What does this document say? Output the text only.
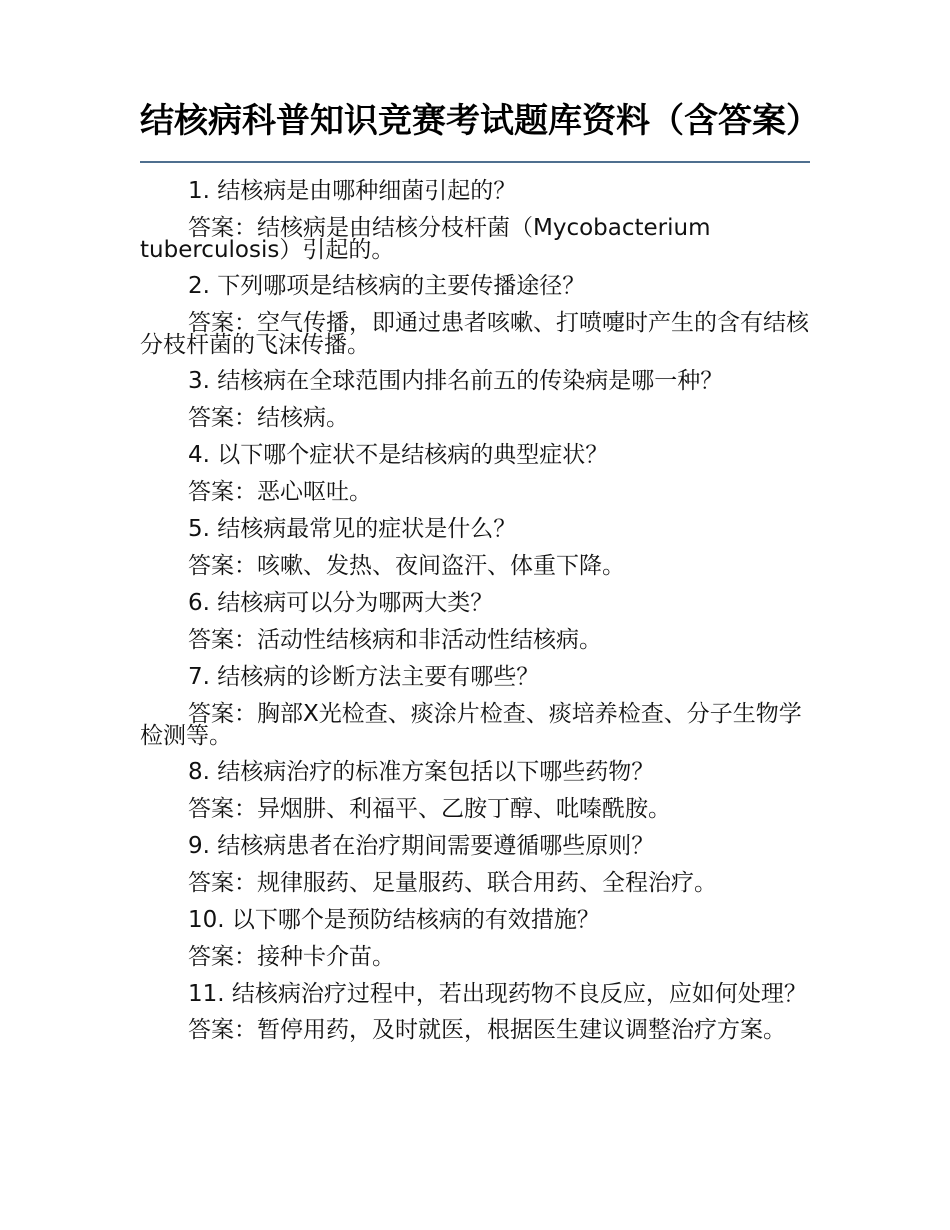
结核病科普知识竞赛考试题库资料（含答案）

1. 结核病是由哪种细菌引起的？

答案：结核病是由结核分枝杆菌（Mycobacterium tuberculosis）引起的。

2. 下列哪项是结核病的主要传播途径？

答案：空气传播，即通过患者咳嗽、打喷嚏时产生的含有结核分枝杆菌的飞沫传播。

3. 结核病在全球范围内排名前五的传染病是哪一种？

答案：结核病。

4. 以下哪个症状不是结核病的典型症状？

答案：恶心呕吐。

5. 结核病最常见的症状是什么？

答案：咳嗽、发热、夜间盗汗、体重下降。

6. 结核病可以分为哪两大类？

答案：活动性结核病和非活动性结核病。

7. 结核病的诊断方法主要有哪些？

答案：胸部X光检查、痰涂片检查、痰培养检查、分子生物学检测等。

8. 结核病治疗的标准方案包括以下哪些药物？

答案：异烟肼、利福平、乙胺丁醇、吡嗪酰胺。

9. 结核病患者在治疗期间需要遵循哪些原则？

答案：规律服药、足量服药、联合用药、全程治疗。

10. 以下哪个是预防结核病的有效措施？

答案：接种卡介苗。

11. 结核病治疗过程中，若出现药物不良反应，应如何处理？

答案：暂停用药，及时就医，根据医生建议调整治疗方案。
